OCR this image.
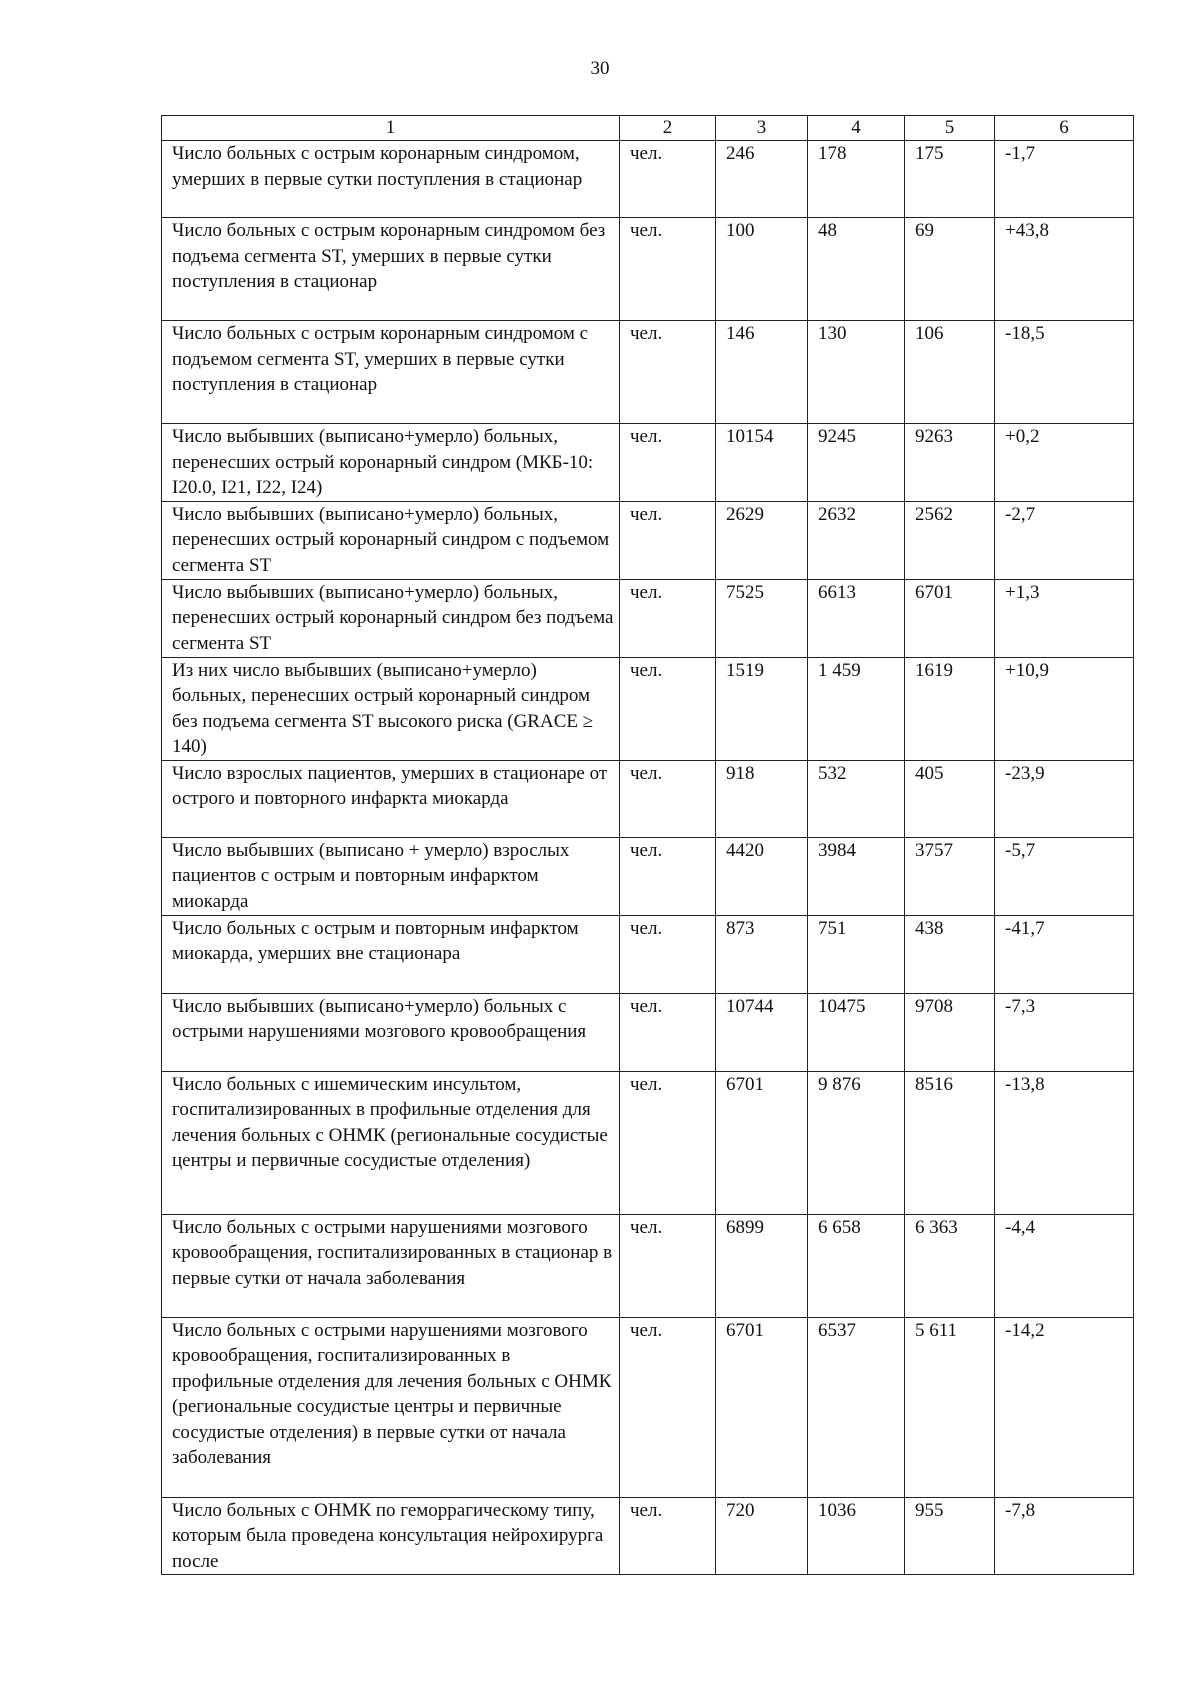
30
1	2	3	4	5	6
Число больных с острым коронарным синдромом, умерших в первые сутки поступления в стационар	чел.	246	178	175	-1,7
Число больных с острым коронарным синдромом без подъема сегмента ST, умерших в первые сутки поступления в стационар	чел.	100	48	69	+43,8
Число больных с острым коронарным синдромом с подъемом сегмента ST, умерших в первые сутки поступления в стационар	чел.	146	130	106	-18,5
Число выбывших (выписано+умерло) больных, перенесших острый коронарный синдром (МКБ-10: I20.0, I21, I22, I24)	чел.	10154	9245	9263	+0,2
Число выбывших (выписано+умерло) больных, перенесших острый коронарный синдром с подъемом сегмента ST	чел.	2629	2632	2562	-2,7
Число выбывших (выписано+умерло) больных, перенесших острый коронарный синдром без подъема сегмента ST	чел.	7525	6613	6701	+1,3
Из них число выбывших (выписано+умерло) больных, перенесших острый коронарный синдром без подъема сегмента ST высокого риска (GRACE ≥ 140)	чел.	1519	1 459	1619	+10,9
Число взрослых пациентов, умерших в стационаре от острого и повторного инфаркта миокарда	чел.	918	532	405	-23,9
Число выбывших (выписано + умерло) взрослых пациентов с острым и повторным инфарктом миокарда	чел.	4420	3984	3757	-5,7
Число больных с острым и повторным инфарктом миокарда, умерших вне стационара	чел.	873	751	438	-41,7
Число выбывших (выписано+умерло) больных с острыми нарушениями мозгового кровообращения	чел.	10744	10475	9708	-7,3
Число больных с ишемическим инсультом, госпитализированных в профильные отделения для лечения больных с ОНМК (региональные сосудистые центры и первичные сосудистые отделения)	чел.	6701	9 876	8516	-13,8
Число больных с острыми нарушениями мозгового кровообращения, госпитализированных в стационар в первые сутки от начала заболевания	чел.	6899	6 658	6 363	-4,4
Число больных с острыми нарушениями мозгового кровообращения, госпитализированных в профильные отделения для лечения больных с ОНМК (региональные сосудистые центры и первичные сосудистые отделения) в первые сутки от начала заболевания	чел.	6701	6537	5 611	-14,2
Число больных с ОНМК по геморрагическому типу, которым была проведена консультация нейрохирурга после	чел.	720	1036	955	-7,8
